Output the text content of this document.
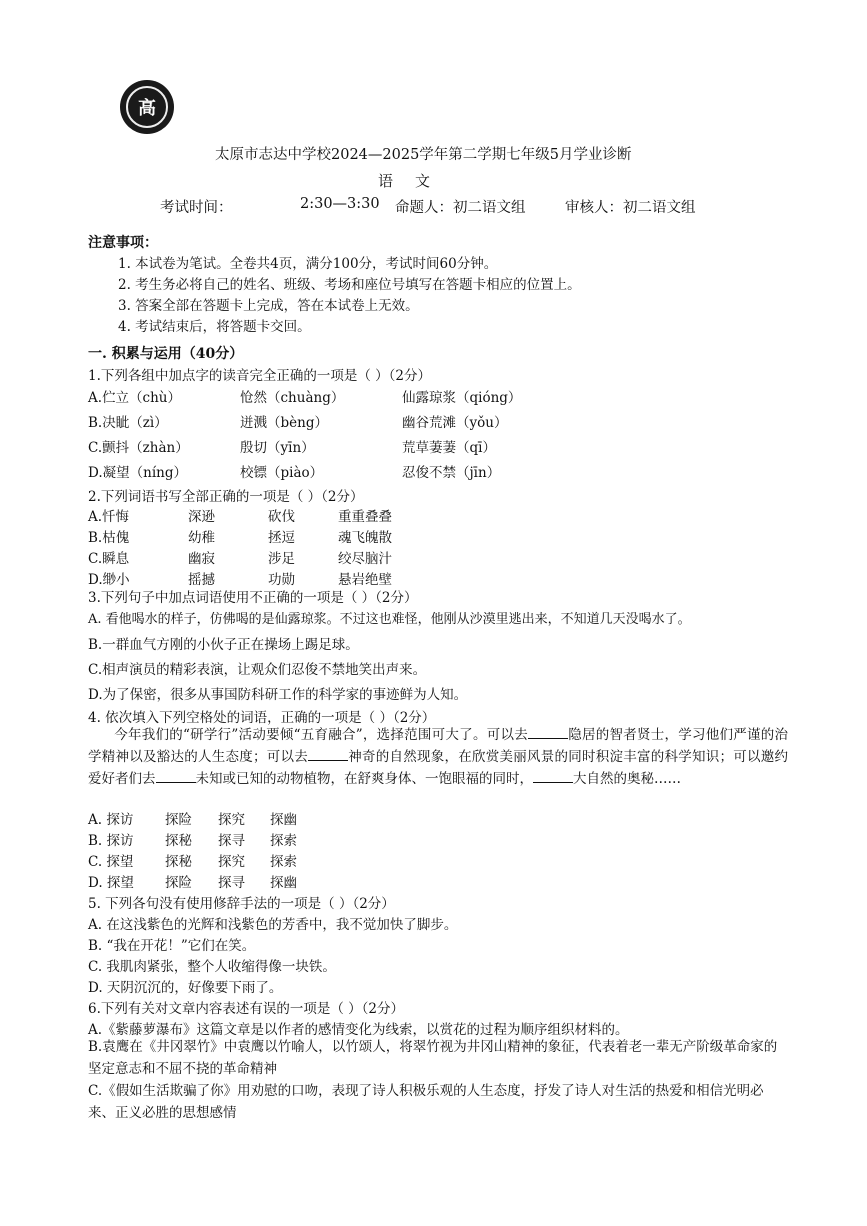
高
太原市志达中学校2024—2025学年第二学期七年级5月学业诊断
语文
考试时间：	2:30—3:30 命题人：初二语文组	审核人：初二语文组
注意事项：
1. 本试卷为笔试。全卷共4页，满分100分，考试时间60分钟。
2. 考生务必将自己的姓名、班级、考场和座位号填写在答题卡相应的位置上。
3. 答案全部在答题卡上完成，答在本试卷上无效。
4. 考试结束后，将答题卡交回。
一. 积累与运用（40分）
1.下列各组中加点字的读音完全正确的一项是（ ）（2分）
A.伫立（chù）	怆然（chuàng）	仙露琼浆（qióng）
B.决眦（zì）	迸溅（bèng）	幽谷荒滩（yǒu）
C.颤抖（zhàn）	殷切（yīn）	荒草萋萋（qī）
D.凝望（níng）	校镖（piào）	忍俊不禁（jīn）
2.下列词语书写全部正确的一项是（ ）（2分）
A.忏悔	深逊	砍伐	重重叠叠
B.枯傀	幼稚	拯逗	魂飞魄散
C.瞬息	幽寂	涉足	绞尽脑汁
D.缈小	摇撼	功勋	悬岩绝壁
3.下列句子中加点词语使用不正确的一项是（ ）（2分）
A. 看他喝水的样子，仿佛喝的是仙露琼浆。不过这也难怪，他刚从沙漠里逃出来，不知道几天没喝水了。
B.一群血气方刚的小伙子正在操场上踢足球。
C.相声演员的精彩表演，让观众们忍俊不禁地笑出声来。
D.为了保密，很多从事国防科研工作的科学家的事迹鲜为人知。
4. 依次填入下列空格处的词语，正确的一项是（ ）（2分）
今年我们的“研学行”活动要倾“五育融合”，选择范围可大了。可以去	隐居的智者贤士，学习他们严谨的治学精神以及豁达的人生态度；可以去	神奇的自然现象，在欣赏美丽风景的同时积淀丰富的科学知识；可以邀约爱好者们去	未知或已知的动物植物，在舒爽身体、一饱眼福的同时，	大自然的奥秘……
A. 探访 探险 探究 探幽
B. 探访 探秘 探寻 探索
C. 探望 探秘 探究 探索
D. 探望 探险 探寻 探幽
5. 下列各句没有使用修辞手法的一项是（ ）（2分）
A. 在这浅紫色的光辉和浅紫色的芳香中，我不觉加快了脚步。
B. “我在开花！”它们在笑。
C. 我肌肉紧张，整个人收缩得像一块铁。
D. 天阴沉沉的，好像要下雨了。
6.下列有关对文章内容表述有误的一项是（ ）（2分）
A.《紫藤萝瀑布》这篇文章是以作者的感情变化为线索，以赏花的过程为顺序组织材料的。
B.袁鹰在《井冈翠竹》中袁鹰以竹喻人，以竹颂人，将翠竹视为井冈山精神的象征，代表着老一辈无产阶级革命家的坚定意志和不屈不挠的革命精神
C.《假如生活欺骗了你》用劝慰的口吻，表现了诗人积极乐观的人生态度，抒发了诗人对生活的热爱和相信光明必来、正义必胜的思想感情
